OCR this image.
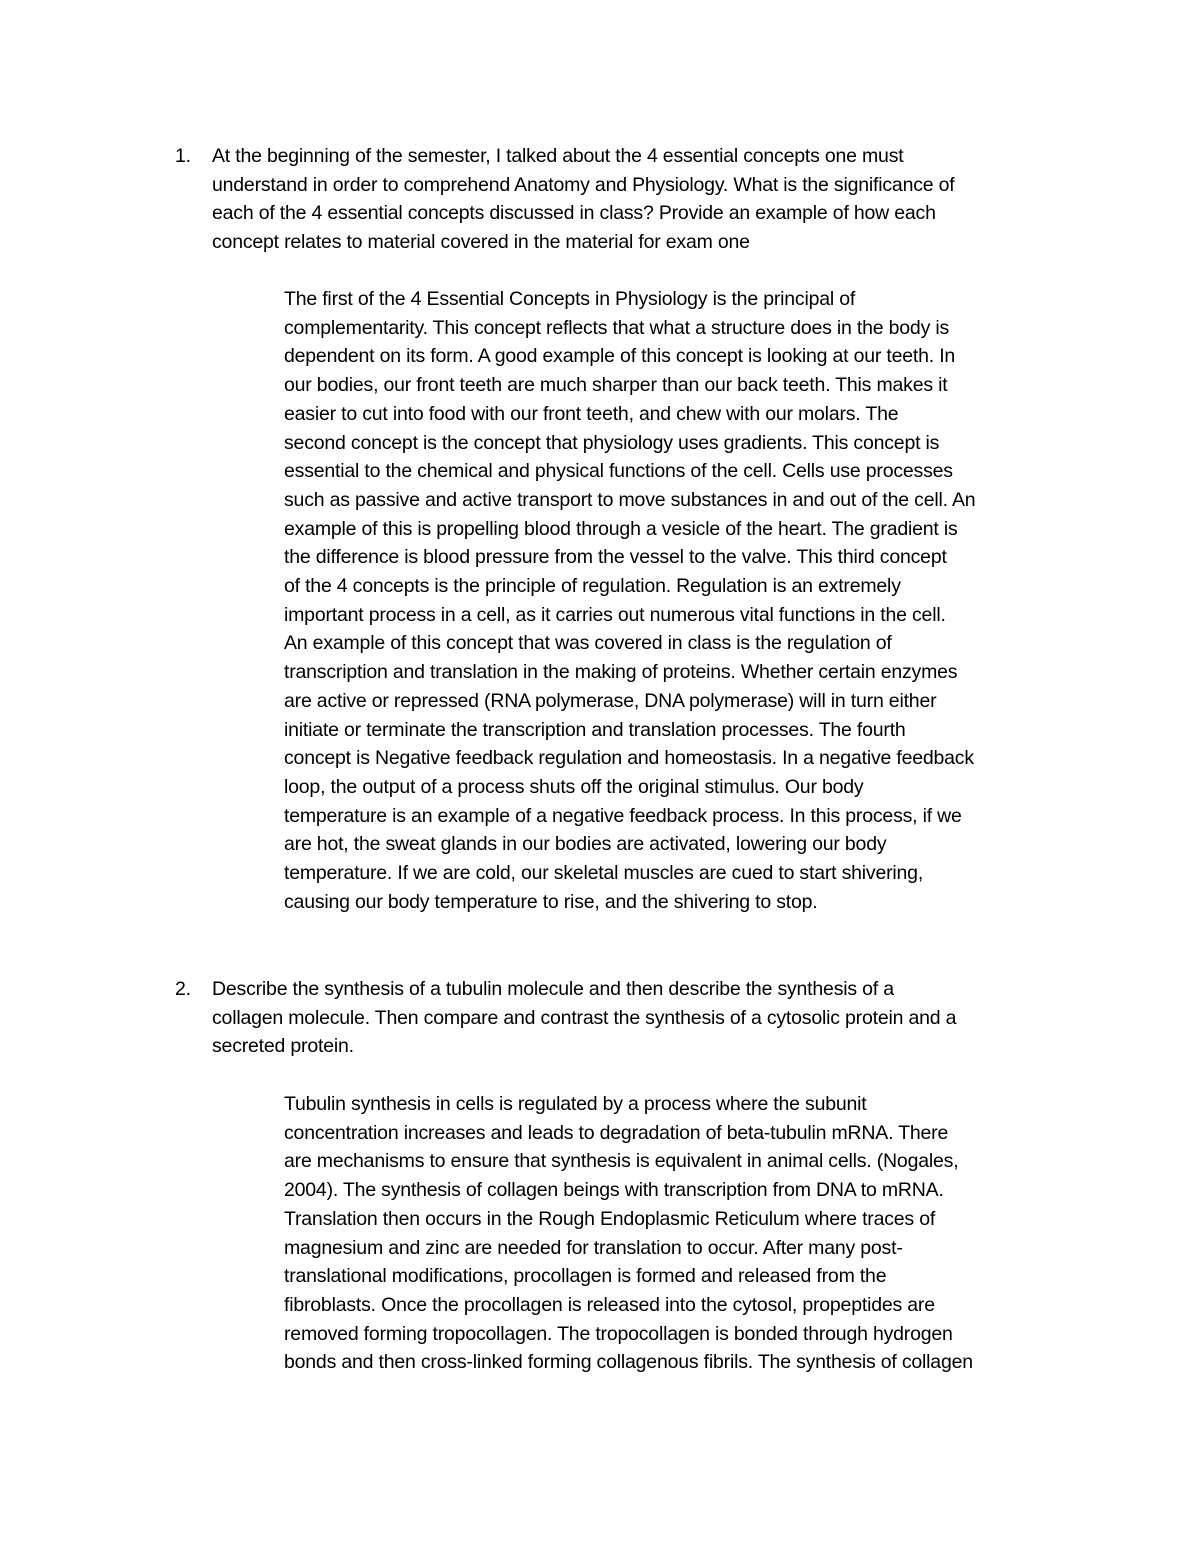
1. At the beginning of the semester, I talked about the 4 essential concepts one must
understand in order to comprehend Anatomy and Physiology. What is the significance of
each of the 4 essential concepts discussed in class? Provide an example of how each
concept relates to material covered in the material for exam one
The first of the 4 Essential Concepts in Physiology is the principal of
complementarity. This concept reflects that what a structure does in the body is
dependent on its form. A good example of this concept is looking at our teeth. In
our bodies, our front teeth are much sharper than our back teeth. This makes it
easier to cut into food with our front teeth, and chew with our molars. The
second concept is the concept that physiology uses gradients. This concept is
essential to the chemical and physical functions of the cell. Cells use processes
such as passive and active transport to move substances in and out of the cell. An
example of this is propelling blood through a vesicle of the heart. The gradient is
the difference is blood pressure from the vessel to the valve. This third concept
of the 4 concepts is the principle of regulation. Regulation is an extremely
important process in a cell, as it carries out numerous vital functions in the cell.
An example of this concept that was covered in class is the regulation of
transcription and translation in the making of proteins. Whether certain enzymes
are active or repressed (RNA polymerase, DNA polymerase) will in turn either
initiate or terminate the transcription and translation processes. The fourth
concept is Negative feedback regulation and homeostasis. In a negative feedback
loop, the output of a process shuts off the original stimulus. Our body
temperature is an example of a negative feedback process. In this process, if we
are hot, the sweat glands in our bodies are activated, lowering our body
temperature. If we are cold, our skeletal muscles are cued to start shivering,
causing our body temperature to rise, and the shivering to stop.
2. Describe the synthesis of a tubulin molecule and then describe the synthesis of a
collagen molecule. Then compare and contrast the synthesis of a cytosolic protein and a
secreted protein.
Tubulin synthesis in cells is regulated by a process where the subunit
concentration increases and leads to degradation of beta-tubulin mRNA. There
are mechanisms to ensure that synthesis is equivalent in animal cells. (Nogales,
2004). The synthesis of collagen beings with transcription from DNA to mRNA.
Translation then occurs in the Rough Endoplasmic Reticulum where traces of
magnesium and zinc are needed for translation to occur. After many post-
translational modifications, procollagen is formed and released from the
fibroblasts. Once the procollagen is released into the cytosol, propeptides are
removed forming tropocollagen. The tropocollagen is bonded through hydrogen
bonds and then cross-linked forming collagenous fibrils. The synthesis of collagen
